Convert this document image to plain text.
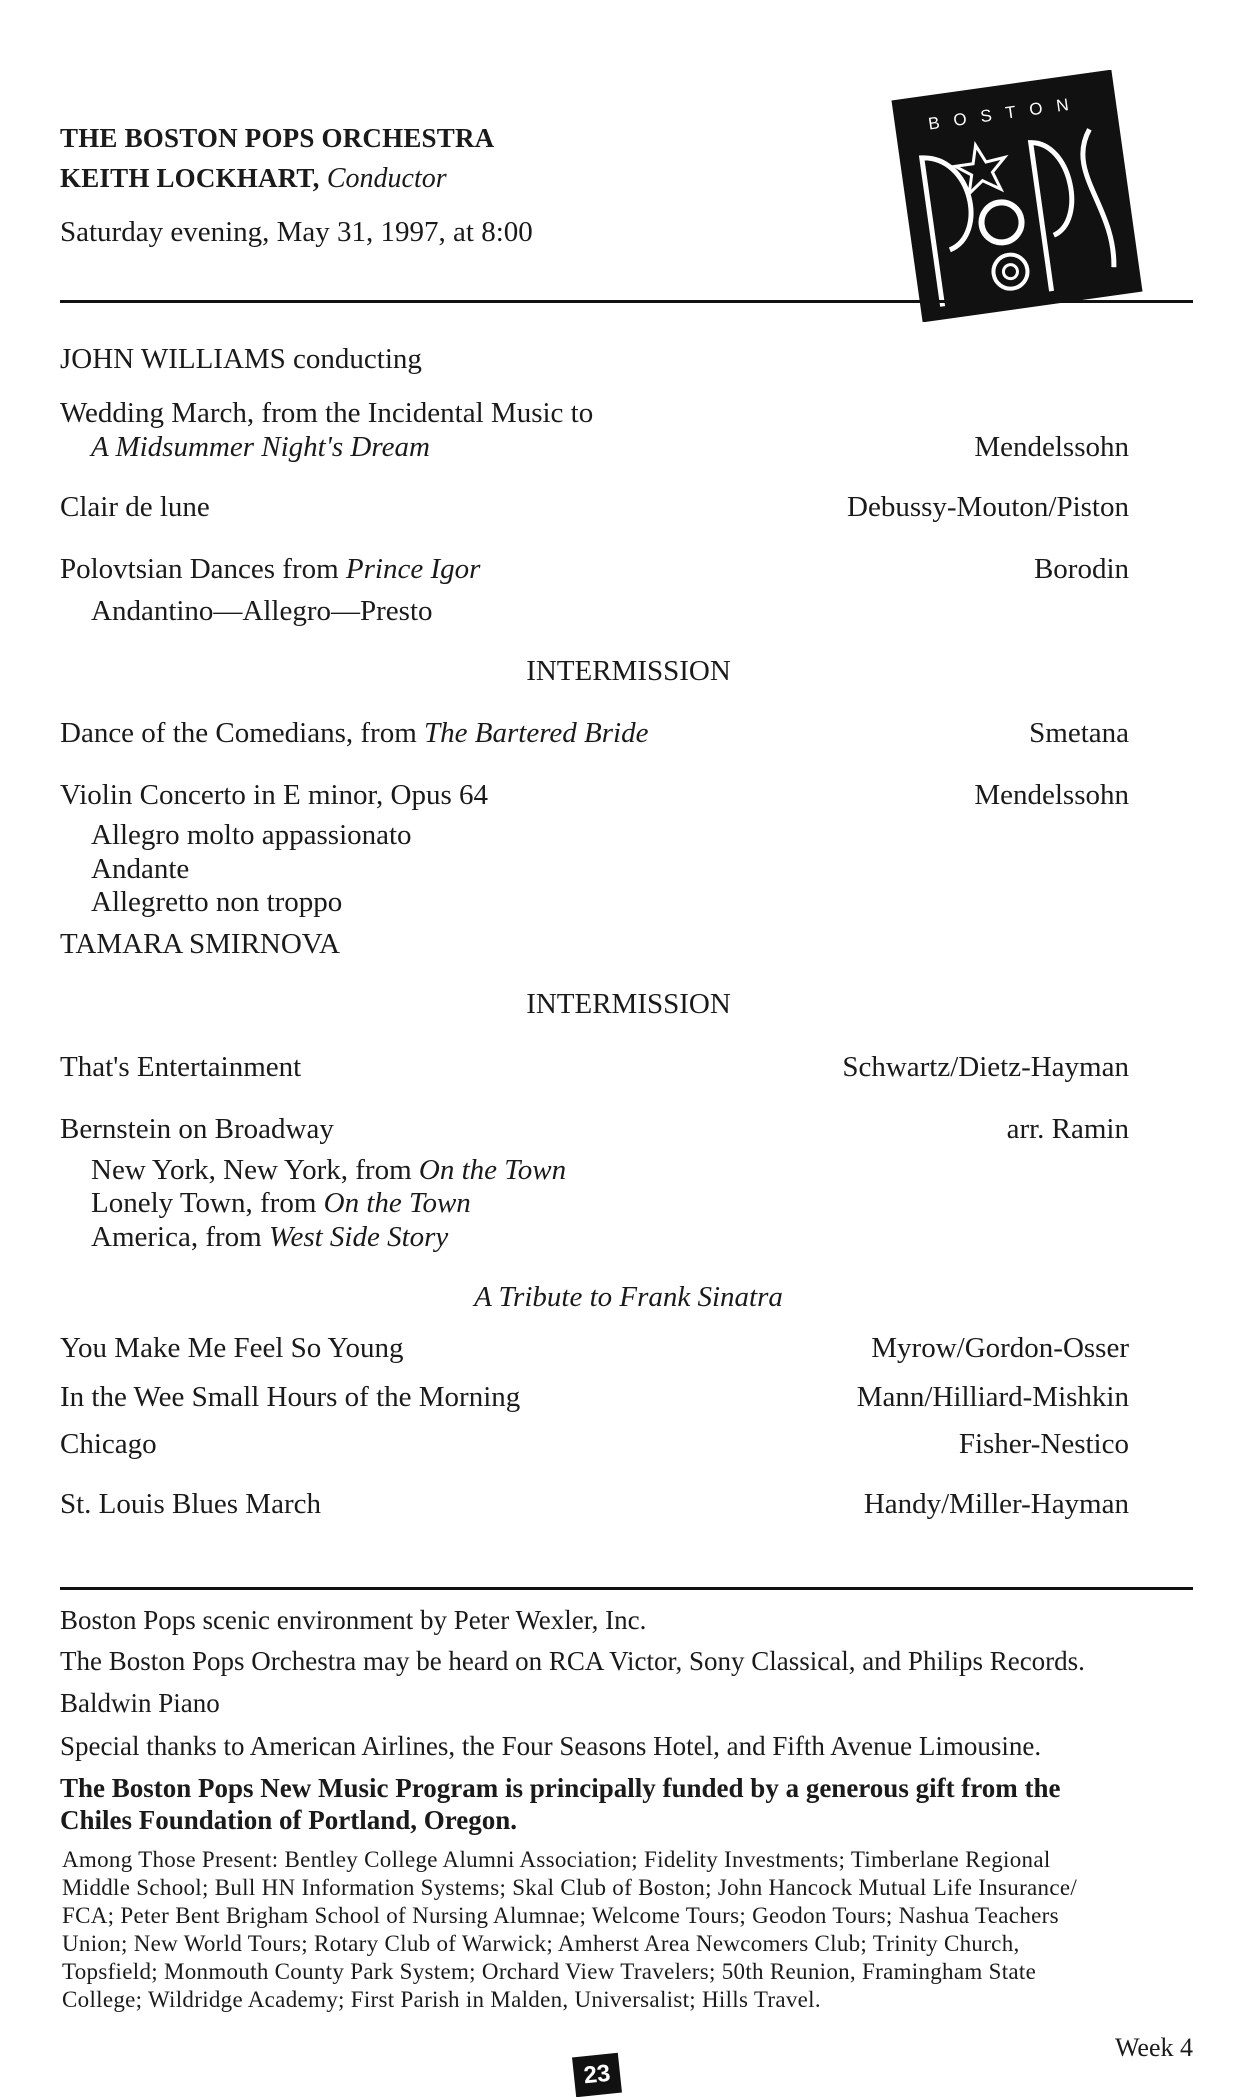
THE BOSTON POPS ORCHESTRA
KEITH LOCKHART, Conductor
Saturday evening, May 31, 1997, at 8:00
BOSTON
JOHN WILLIAMS conducting
Wedding March, from the Incidental Music to
A Midsummer Night's Dream	Mendelssohn
Clair de lune	Debussy-Mouton/Piston
Polovtsian Dances from Prince Igor	Borodin
Andantino—Allegro—Presto
INTERMISSION
Dance of the Comedians, from The Bartered Bride	Smetana
Violin Concerto in E minor, Opus 64	Mendelssohn
Allegro molto appassionato
Andante
Allegretto non troppo
TAMARA SMIRNOVA
INTERMISSION
That's Entertainment	Schwartz/Dietz-Hayman
Bernstein on Broadway	arr. Ramin
New York, New York, from On the Town
Lonely Town, from On the Town
America, from West Side Story
A Tribute to Frank Sinatra
You Make Me Feel So Young	Myrow/Gordon-Osser
In the Wee Small Hours of the Morning	Mann/Hilliard-Mishkin
Chicago	Fisher-Nestico
St. Louis Blues March	Handy/Miller-Hayman
Boston Pops scenic environment by Peter Wexler, Inc.
The Boston Pops Orchestra may be heard on RCA Victor, Sony Classical, and Philips Records.
Baldwin Piano
Special thanks to American Airlines, the Four Seasons Hotel, and Fifth Avenue Limousine.
The Boston Pops New Music Program is principally funded by a generous gift from the
Chiles Foundation of Portland, Oregon.
Among Those Present: Bentley College Alumni Association; Fidelity Investments; Timberlane Regional
Middle School; Bull HN Information Systems; Skal Club of Boston; John Hancock Mutual Life Insurance/
FCA; Peter Bent Brigham School of Nursing Alumnae; Welcome Tours; Geodon Tours; Nashua Teachers
Union; New World Tours; Rotary Club of Warwick; Amherst Area Newcomers Club; Trinity Church,
Topsfield; Monmouth County Park System; Orchard View Travelers; 50th Reunion, Framingham State
College; Wildridge Academy; First Parish in Malden, Universalist; Hills Travel.
Week 4
23
